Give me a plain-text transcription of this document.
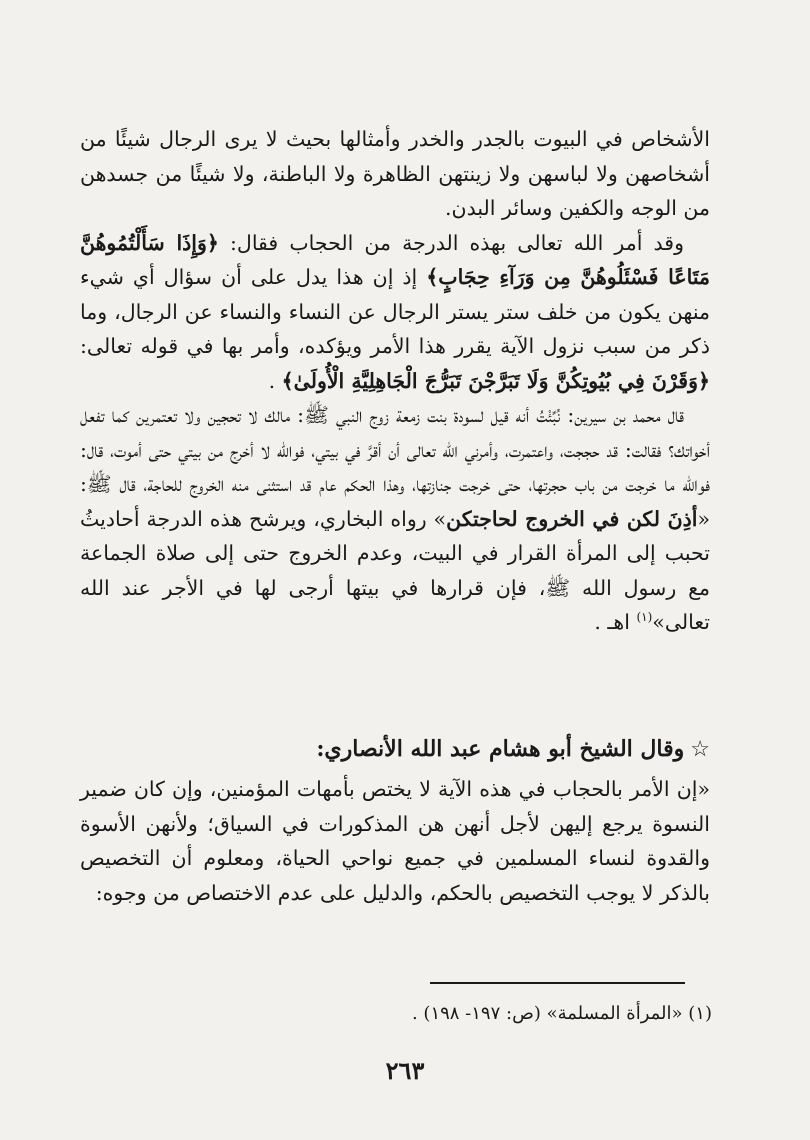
الأشخاص في البيوت بالجدر والخدر وأمثالها بحيث لا يرى الرجال شيئًا من أشخاصهن ولا لباسهن ولا زينتهن الظاهرة ولا الباطنة، ولا شيئًا من جسدهن من الوجه والكفين وسائر البدن.

وقد أمر الله تعالى بهذه الدرجة من الحجاب فقال: ﴿وَإِذَا سَأَلْتُمُوهُنَّ مَتَاعًا فَسْئَلُوهُنَّ مِن وَرَآءِ حِجَابٍ﴾ إذ إن هذا يدل على أن سؤال أي شيء منهن يكون من خلف ستر يستر الرجال عن النساء والنساء عن الرجال، وما ذكر من سبب نزول الآية يقرر هذا الأمر ويؤكده، وأمر بها في قوله تعالى: ﴿وَقَرْنَ فِي بُيُوتِكُنَّ وَلَا تَبَرَّجْنَ تَبَرُّجَ الْجَاهِلِيَّةِ الْأُولَىٰ﴾ .

قال محمد بن سيرين: نُبِّئْتُ أنه قيل لسودة بنت زمعة زوج النبي ﷺ: مالك لا تحجين ولا تعتمرين كما تفعل أخواتك؟ فقالت: قد حججت، واعتمرت، وأمرني الله تعالى أن أقرَّ في بيتي، فوالله لا أخرج من بيتي حتى أموت، قال: فوالله ما خرجت من باب حجرتها، حتى خرجت جنازتها، وهذا الحكم عام قد استثنى منه الخروج للحاجة، قال ﷺ: «أذِنَ لكن في الخروج لحاجتكن» رواه البخاري، ويرشح هذه الدرجة أحاديثُ تحبب إلى المرأة القرار في البيت، وعدم الخروج حتى إلى صلاة الجماعة مع رسول الله ﷺ، فإن قرارها في بيتها أرجى لها في الأجر عند الله تعالى»$^{(١)}$ اهـ .

☆وقال الشيخ أبو هشام عبد الله الأنصاري:

«إن الأمر بالحجاب في هذه الآية لا يختص بأمهات المؤمنين، وإن كان ضمير النسوة يرجع إليهن لأجل أنهن هن المذكورات في السياق؛ ولأنهن الأسوة والقدوة لنساء المسلمين في جميع نواحي الحياة، ومعلوم أن التخصيص بالذكر لا يوجب التخصيص بالحكم، والدليل على عدم الاختصاص من وجوه:

(١) «المرأة المسلمة» (ص: ١٩٧- ١٩٨) .

٢٦٣
